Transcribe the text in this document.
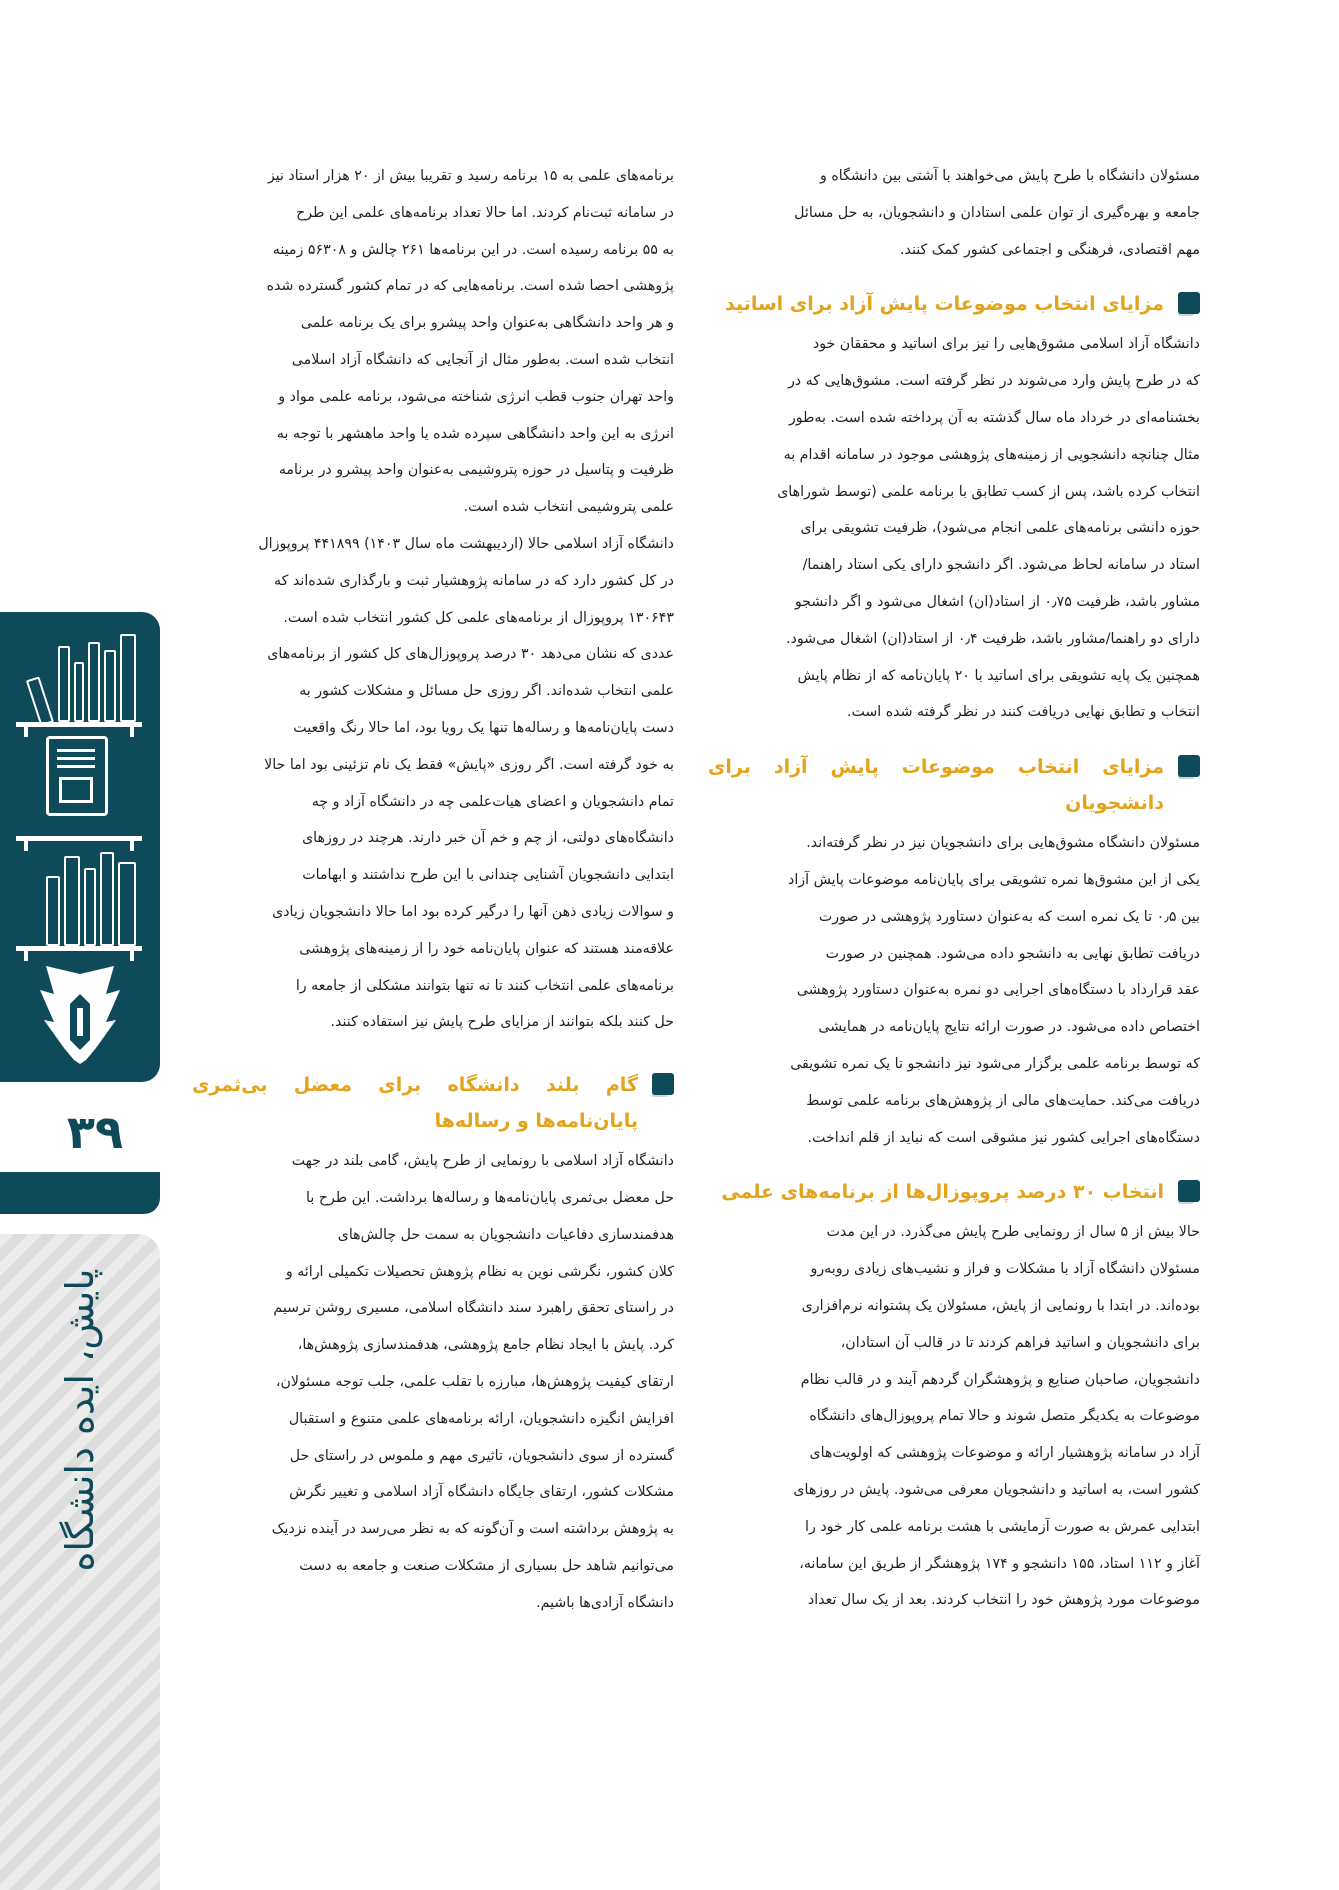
۳۹
پایش، ایده دانشگاه

مسئولان دانشگاه با طرح پایش می‌خواهند با آشتی بین دانشگاه و

جامعه و بهره‌گیری از توان علمی استادان و دانشجویان، به حل مسائل

مهم اقتصادی، فرهنگی و اجتماعی کشور کمک کنند.

مزایای انتخاب موضوعات پایش آزاد برای اساتید

دانشگاه آزاد اسلامی مشوق‌هایی را نیز برای اساتید و محققان خود

که در طرح پایش وارد می‌شوند در نظر گرفته است. مشوق‌هایی که در

بخشنامه‌ای در خرداد ماه سال گذشته به آن پرداخته شده است. به‌طور

مثال چنانچه دانشجویی از زمینه‌های پژوهشی موجود در سامانه اقدام به

انتخاب کرده باشد، پس از کسب تطابق با برنامه علمی (توسط شوراهای

حوزه دانشی برنامه‌های علمی انجام می‌شود)، ظرفیت تشویقی برای

استاد در سامانه لحاظ می‌شود. اگر دانشجو دارای یکی استاد راهنما/

مشاور باشد، ظرفیت ۰٫۷۵ از استاد(ان) اشغال می‌شود و اگر دانشجو

دارای دو راهنما/مشاور باشد، ظرفیت ۰٫۴ از استاد(ان) اشغال می‌شود.

همچنین یک پایه تشویقی برای اساتید با ۲۰ پایان‌نامه که از نظام پایش

انتخاب و تطابق نهایی دریافت کنند در نظر گرفته شده است.

مزایای انتخاب موضوعات پایش آزاد برای دانشجویان

مسئولان دانشگاه مشوق‌هایی برای دانشجویان نیز در نظر گرفته‌اند.

یکی از این مشوق‌ها نمره تشویقی برای پایان‌نامه موضوعات پایش آزاد

بین ۰٫۵ تا یک نمره است که به‌عنوان دستاورد پژوهشی در صورت

دریافت تطابق نهایی به دانشجو داده می‌شود. همچنین در صورت

عقد قرارداد با دستگاه‌های اجرایی دو نمره به‌عنوان دستاورد پژوهشی

اختصاص داده می‌شود. در صورت ارائه نتایج پایان‌نامه در همایشی

که توسط برنامه علمی برگزار می‌شود نیز دانشجو تا یک نمره تشویقی

دریافت می‌کند. حمایت‌های مالی از پژوهش‌های برنامه علمی توسط

دستگاه‌های اجرایی کشور نیز مشوقی است که نباید از قلم انداخت.

انتخاب ۳۰ درصد پروپوزال‌ها از برنامه‌های علمی

حالا بیش از ۵ سال از رونمایی طرح پایش می‌گذرد. در این مدت

مسئولان دانشگاه آزاد با مشکلات و فراز و نشیب‌های زیادی روبه‌رو

بوده‌اند. در ابتدا با رونمایی از پایش، مسئولان یک پشتوانه نرم‌افزاری

برای دانشجویان و اساتید فراهم کردند تا در قالب آن استادان،

دانشجویان، صاحبان صنایع و پژوهشگران گردهم آیند و در قالب نظام

موضوعات به یکدیگر متصل شوند و حالا تمام پروپوزال‌های دانشگاه

آزاد در سامانه پژوهشیار ارائه و موضوعات پژوهشی که اولویت‌های

کشور است، به اساتید و دانشجویان معرفی می‌شود. پایش در روزهای

ابتدایی عمرش به صورت آزمایشی با هشت برنامه علمی کار خود را

آغاز و ۱۱۲ استاد، ۱۵۵ دانشجو و ۱۷۴ پژوهشگر از طریق این سامانه،

موضوعات مورد پژوهش خود را انتخاب کردند. بعد از یک سال تعداد

برنامه‌های علمی به ۱۵ برنامه رسید و تقریبا بیش از ۲۰ هزار استاد نیز

در سامانه ثبت‌نام کردند. اما حالا تعداد برنامه‌های علمی این طرح

به ۵۵ برنامه رسیده است. در این برنامه‌ها ۲۶۱ چالش و ۵۶۳۰۸ زمینه

پژوهشی احصا شده است. برنامه‌هایی که در تمام کشور گسترده شده

و هر واحد دانشگاهی به‌عنوان واحد پیشرو برای یک برنامه علمی

انتخاب شده است. به‌طور مثال از آنجایی که دانشگاه آزاد اسلامی

واحد تهران جنوب قطب انرژی شناخته می‌شود، برنامه علمی مواد و

انرژی به این واحد دانشگاهی سپرده شده یا واحد ماهشهر با توجه به

ظرفیت و پتاسیل در حوزه پتروشیمی به‌عنوان واحد پیشرو در برنامه

علمی پتروشیمی انتخاب شده است.

دانشگاه آزاد اسلامی حالا (اردیبهشت ماه سال ۱۴۰۳) ۴۴۱۸۹۹ پروپوزال

در کل کشور دارد که در سامانه پژوهشیار ثبت و بارگذاری شده‌اند که

۱۳۰۶۴۳ پروپوزال از برنامه‌های علمی کل کشور انتخاب شده است.

عددی که نشان می‌دهد ۳۰ درصد پروپوزال‌های کل کشور از برنامه‌های

علمی انتخاب شده‌اند. اگر روزی حل مسائل و مشکلات کشور به

دست پایان‌نامه‌ها و رساله‌ها تنها یک رویا بود، اما حالا رنگ واقعیت

به خود گرفته است. اگر روزی «پایش» فقط یک نام تزئینی بود اما حالا

تمام دانشجویان و اعضای هیات‌علمی چه در دانشگاه آزاد و چه

دانشگاه‌های دولتی، از چم و خم آن خبر دارند. هرچند در روزهای

ابتدایی دانشجویان آشنایی چندانی با این طرح نداشتند و ابهامات

و سوالات زیادی ذهن آنها را درگیر کرده بود اما حالا دانشجویان زیادی

علاقه‌مند هستند که عنوان پایان‌نامه خود را از زمینه‌های پژوهشی

برنامه‌های علمی انتخاب کنند تا نه تنها بتوانند مشکلی از جامعه را

حل کنند بلکه بتوانند از مزایای طرح پایش نیز استفاده کنند.

گام بلند دانشگاه برای معضل بی‌ثمری پایان‌نامه‌ها و رساله‌ها

دانشگاه آزاد اسلامی با رونمایی از طرح پایش، گامی بلند در جهت

حل معضل بی‌ثمری پایان‌نامه‌ها و رساله‌ها برداشت. این طرح با

هدفمندسازی دفاعیات دانشجویان به سمت حل چالش‌های

کلان کشور، نگرشی نوین به نظام پژوهش تحصیلات تکمیلی ارائه و

در راستای تحقق راهبرد سند دانشگاه اسلامی، مسیری روشن ترسیم

کرد. پایش با ایجاد نظام جامع پژوهشی، هدفمندسازی پژوهش‌ها،

ارتقای کیفیت پژوهش‌ها، مبارزه با تقلب علمی، جلب توجه مسئولان،

افزایش انگیزه دانشجویان، ارائه برنامه‌های علمی متنوع و استقبال

گسترده از سوی دانشجویان، تاثیری مهم و ملموس در راستای حل

مشکلات کشور، ارتقای جایگاه دانشگاه آزاد اسلامی و تغییر نگرش

به پژوهش برداشته است و آن‌گونه که به نظر می‌رسد در آینده نزدیک

می‌توانیم شاهد حل بسیاری از مشکلات صنعت و جامعه به دست

دانشگاه آزادی‌ها باشیم.
